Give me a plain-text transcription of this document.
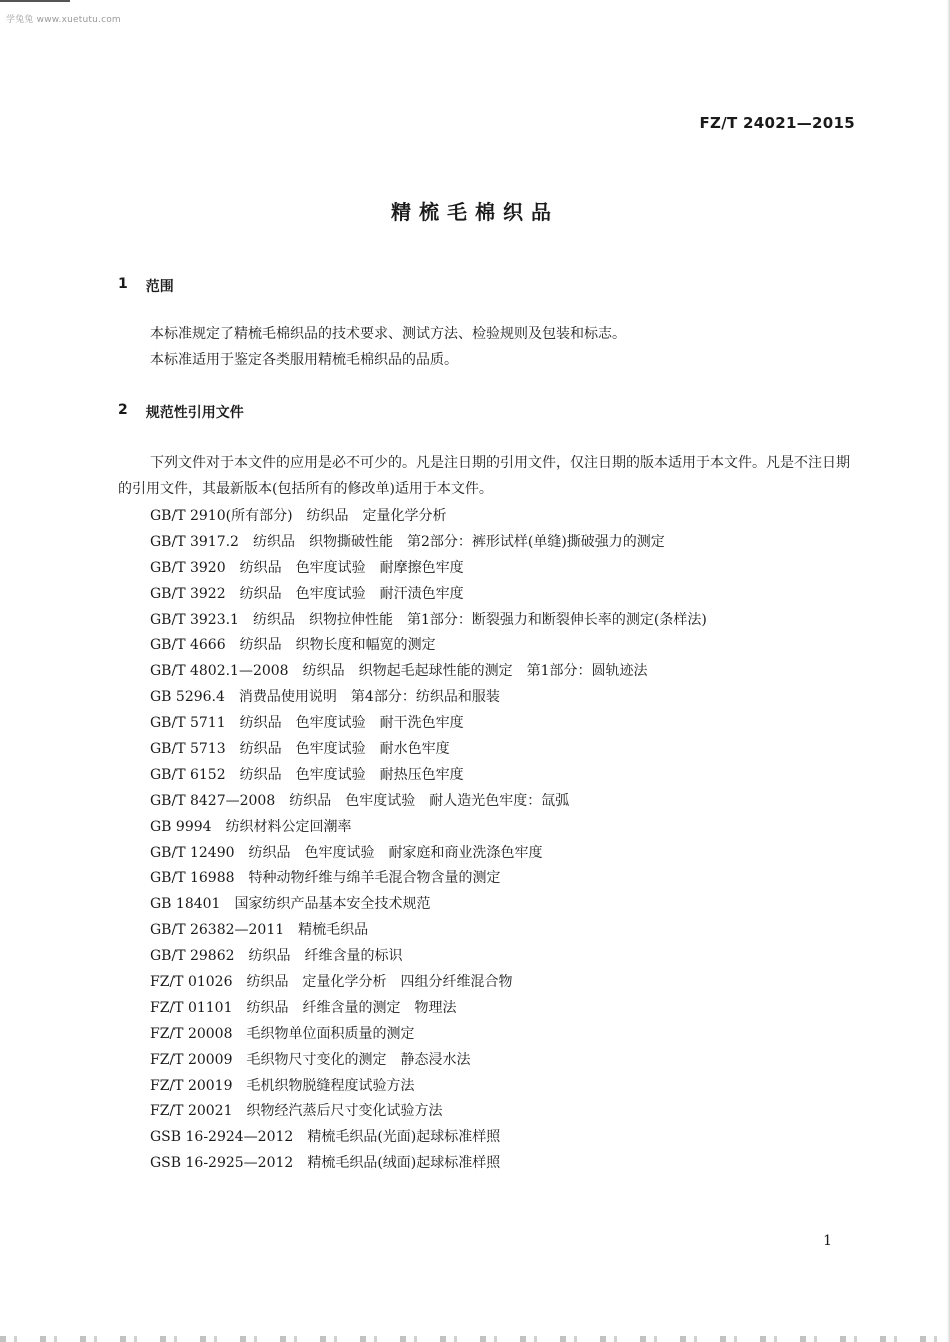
学兔兔 www.xuetutu.com
FZ/T 24021—2015
精梳毛棉织品
1 范围
本标准规定了精梳毛棉织品的技术要求、测试方法、检验规则及包装和标志。
本标准适用于鉴定各类服用精梳毛棉织品的品质。
2 规范性引用文件
下列文件对于本文件的应用是必不可少的。凡是注日期的引用文件，仅注日期的版本适用于本文件。凡是不注日期的引用文件，其最新版本(包括所有的修改单)适用于本文件。
GB/T 2910(所有部分) 纺织品　定量化学分析
GB/T 3917.2 纺织品　织物撕破性能　第2部分：裤形试样(单缝)撕破强力的测定
GB/T 3920 纺织品　色牢度试验　耐摩擦色牢度
GB/T 3922 纺织品　色牢度试验　耐汗渍色牢度
GB/T 3923.1 纺织品　织物拉伸性能　第1部分：断裂强力和断裂伸长率的测定(条样法)
GB/T 4666 纺织品　织物长度和幅宽的测定
GB/T 4802.1—2008 纺织品　织物起毛起球性能的测定　第1部分：圆轨迹法
GB 5296.4 消费品使用说明　第4部分：纺织品和服装
GB/T 5711 纺织品　色牢度试验　耐干洗色牢度
GB/T 5713 纺织品　色牢度试验　耐水色牢度
GB/T 6152 纺织品　色牢度试验　耐热压色牢度
GB/T 8427—2008 纺织品　色牢度试验　耐人造光色牢度：氙弧
GB 9994 纺织材料公定回潮率
GB/T 12490 纺织品　色牢度试验　耐家庭和商业洗涤色牢度
GB/T 16988 特种动物纤维与绵羊毛混合物含量的测定
GB 18401 国家纺织产品基本安全技术规范
GB/T 26382—2011 精梳毛织品
GB/T 29862 纺织品　纤维含量的标识
FZ/T 01026 纺织品　定量化学分析　四组分纤维混合物
FZ/T 01101 纺织品　纤维含量的测定　物理法
FZ/T 20008 毛织物单位面积质量的测定
FZ/T 20009 毛织物尺寸变化的测定　静态浸水法
FZ/T 20019 毛机织物脱缝程度试验方法
FZ/T 20021 织物经汽蒸后尺寸变化试验方法
GSB 16-2924—2012 精梳毛织品(光面)起球标准样照
GSB 16-2925—2012 精梳毛织品(绒面)起球标准样照
1
